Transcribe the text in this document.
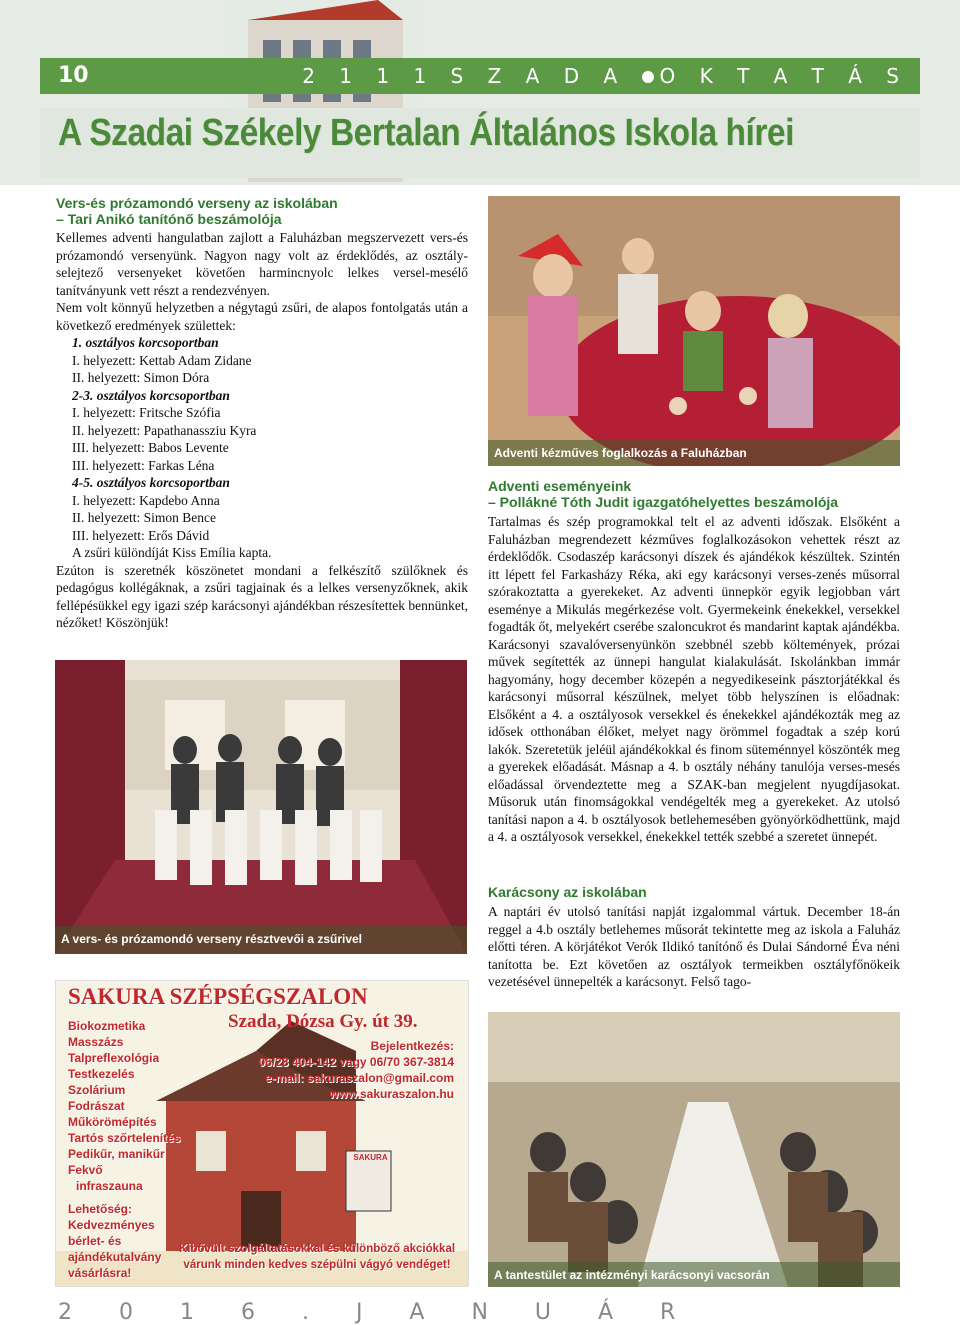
10	2 1 1 1 S Z A D A O K T A T Á S
A Szadai Székely Bertalan Általános Iskola hírei
Vers-és prózamondó verseny az iskolában
– Tari Anikó tanítónő beszámolója
Kellemes adventi hangulatban zajlott a Faluházban megszervezett vers-és prózamondó versenyünk. Nagyon nagy volt az érdeklődés, az osztály-selejtező versenyeket követően harmincnyolc lelkes versel-mesélő tanítványunk vett részt a rendezvényen.
Nem volt könnyű helyzetben a négytagú zsűri, de alapos fontolgatás után a következő eredmények születtek:
1. osztályos korcsoportban
I. helyezett: Kettab Adam Zidane
II. helyezett: Simon Dóra
2-3. osztályos korcsoportban
I. helyezett: Fritsche Szófia
II. helyezett: Papathanassziu Kyra
III. helyezett: Babos Levente
III. helyezett: Farkas Léna
4-5. osztályos korcsoportban
I. helyezett: Kapdebo Anna
II. helyezett: Simon Bence
III. helyezett: Erős Dávid
A zsűri különdíját Kiss Emília kapta.
Ezúton is szeretnék köszönetet mondani a felkészítő szülőknek és pedagógus kollégáknak, a zsűri tagjainak és a lelkes versenyzőknek, akik fellépésükkel egy igazi szép karácsonyi ajándékban részesítettek bennünket, nézőket! Köszönjük!
A vers- és prózamondó verseny résztvevői a zsűrivel
Adventi kézműves foglalkozás a Faluházban
Adventi eseményeink
– Pollákné Tóth Judit igazgatóhelyettes beszámolója
Tartalmas és szép programokkal telt el az adventi időszak. Elsőként a Faluházban megrendezett kézműves foglalkozásokon vehettek részt az érdeklődők. Csodaszép karácsonyi díszek és ajándékok készültek. Szintén itt lépett fel Farkasházy Réka, aki egy karácsonyi verses-zenés műsorral szórakoztatta a gyerekeket. Az adventi ünnepkör egyik legjobban várt eseménye a Mikulás megérkezése volt. Gyermekeink énekekkel, versekkel fogadták őt, melyekért cserébe szaloncukrot és mandarint kaptak ajándékba. Karácsonyi szavalóversenyünkön szebbnél szebb költemények, prózai művek segítették az ünnepi hangulat kialakulását. Iskolánkban immár hagyomány, hogy december közepén a negyedikeseink pásztorjátékkal és karácsonyi műsorral készülnek, melyet több helyszínen is előadnak: Elsőként a 4. a osztályosok versekkel és énekekkel ajándékozták meg az idősek otthonában élőket, melyet nagy örömmel fogadtak a szép korú lakók. Szeretetük jeléül ajándékokkal és finom süteménnyel köszönték meg a gyerekek előadását. Másnap a 4. b osztály néhány tanulója verses-mesés előadással örvendeztette meg a SZAK-ban megjelent nyugdíjasokat. Műsoruk után finomságokkal vendégelték meg a gyerekeket. Az utolsó tanítási napon a 4. b osztályosok betlehemesében gyönyörködhettünk, majd a 4. a osztályosok versekkel, énekekkel tették szebbé a szeretet ünnepét.
Karácsony az iskolában
A naptári év utolsó tanítási napját izgalommal vártuk. December 18-án reggel a 4.b osztály betlehemes műsorát tekintette meg az iskola a Faluház előtti téren. A körjátékot Verók Ildikó tanítónő és Dulai Sándorné Éva néni tanította be. Ezt követően az osztályok termeikben osztályfőnökeik vezetésével ünnepelték a karácsonyt. Felső tago-
A tantestület az intézményi karácsonyi vacsorán
SAKURA SZÉPSÉGSZALON
Szada, Dózsa Gy. út 39.
Biokozmetika
Masszázs
Talpreflexológia
Testkezelés
Szolárium
Fodrászat
Műkörömépítés
Tartós szőrtelenítés
Pedikűr, manikűr
Fekvő
infraszauna
Bejelentkezés:
06/28 404-142 vagy 06/70 367-3814
e-mail: sakuraszalon@gmail.com
www.sakuraszalon.hu
Lehetőség:
Kedvezményes
bérlet- és
ajándékutalvány
vásárlásra!
Kibővült szolgáltatásokkal és különböző akciókkal
várunk minden kedves szépülni vágyó vendéget!
SAKURA
2 0 1 6 . J A N U Á R
